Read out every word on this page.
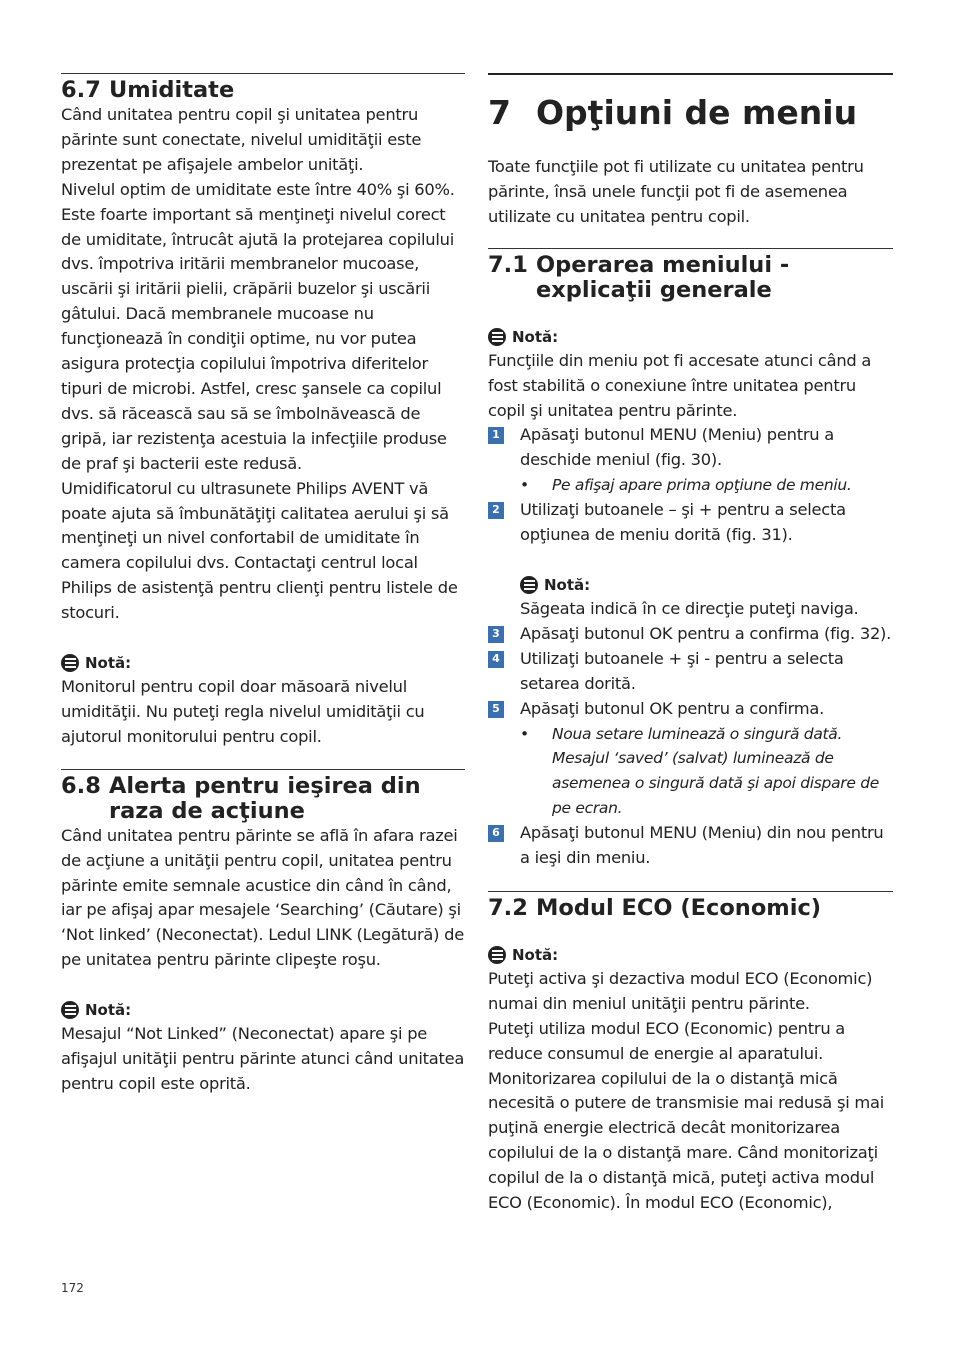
6.7 Umiditate

Când unitatea pentru copil şi unitatea pentru părinte sunt conectate, nivelul umidităţii este prezentat pe afişajele ambelor unităţi.

Nivelul optim de umiditate este între 40% şi 60%. Este foarte important să menţineţi nivelul corect de umiditate, întrucât ajută la protejarea copilului dvs. împotriva iritării membranelor mucoase, uscării şi iritării pielii, crăpării buzelor şi uscării gâtului. Dacă membranele mucoase nu funcţionează în condiţii optime, nu vor putea asigura protecţia copilului împotriva diferitelor tipuri de microbi. Astfel, cresc şansele ca copilul dvs. să răcească sau să se îmbolnăvească de gripă, iar rezistenţa acestuia la infecţiile produse de praf şi bacterii este redusă.

Umidificatorul cu ultrasunete Philips AVENT vă poate ajuta să îmbunătăţiţi calitatea aerului şi să menţineţi un nivel confortabil de umiditate în camera copilului dvs. Contactaţi centrul local Philips de asistenţă pentru clienţi pentru listele de stocuri.

Notă:

Monitorul pentru copil doar măsoară nivelul umidităţii. Nu puteţi regla nivelul umidităţii cu ajutorul monitorului pentru copil.

6.8 Alerta pentru ieşirea din raza de acţiune

Când unitatea pentru părinte se află în afara razei de acţiune a unităţii pentru copil, unitatea pentru părinte emite semnale acustice din când în când, iar pe afişaj apar mesajele ‘Searching’ (Căutare) şi ‘Not linked’ (Neconectat). Ledul LINK (Legătură) de pe unitatea pentru părinte clipeşte roşu.

Notă:

Mesajul “Not Linked” (Neconectat) apare şi pe afişajul unităţii pentru părinte atunci când unitatea pentru copil este oprită.

7 Opţiuni de meniu

Toate funcţiile pot fi utilizate cu unitatea pentru părinte, însă unele funcţii pot fi de asemenea utilizate cu unitatea pentru copil.

7.1 Operarea meniului - explicaţii generale
Notă:

Funcţiile din meniu pot fi accesate atunci când a fost stabilită o conexiune între unitatea pentru copil şi unitatea pentru părinte.

1 Apăsaţi butonul MENU (Meniu) pentru a deschide meniul (fig. 30).
•	Pe afişaj apare prima opţiune de meniu.
2 Utilizaţi butoanele – şi + pentru a selecta opţiunea de meniu dorită (fig. 31).
Notă:

Săgeata indică în ce direcţie puteţi naviga.

3 Apăsaţi butonul OK pentru a confirma (fig. 32).
4 Utilizaţi butoanele + şi - pentru a selecta setarea dorită.
5 Apăsaţi butonul OK pentru a confirma.
•	Noua setare luminează o singură dată. Mesajul ‘saved’ (salvat) luminează de asemenea o singură dată şi apoi dispare de pe ecran.
6 Apăsaţi butonul MENU (Meniu) din nou pentru a ieşi din meniu.
7.2 Modul ECO (Economic)
Notă:

Puteţi activa şi dezactiva modul ECO (Economic) numai din meniul unităţii pentru părinte.

Puteţi utiliza modul ECO (Economic) pentru a reduce consumul de energie al aparatului. Monitorizarea copilului de la o distanţă mică necesită o putere de transmisie mai redusă şi mai puţină energie electrică decât monitorizarea copilului de la o distanţă mare. Când monitorizaţi copilul de la o distanţă mică, puteţi activa modul ECO (Economic). În modul ECO (Economic),

172
